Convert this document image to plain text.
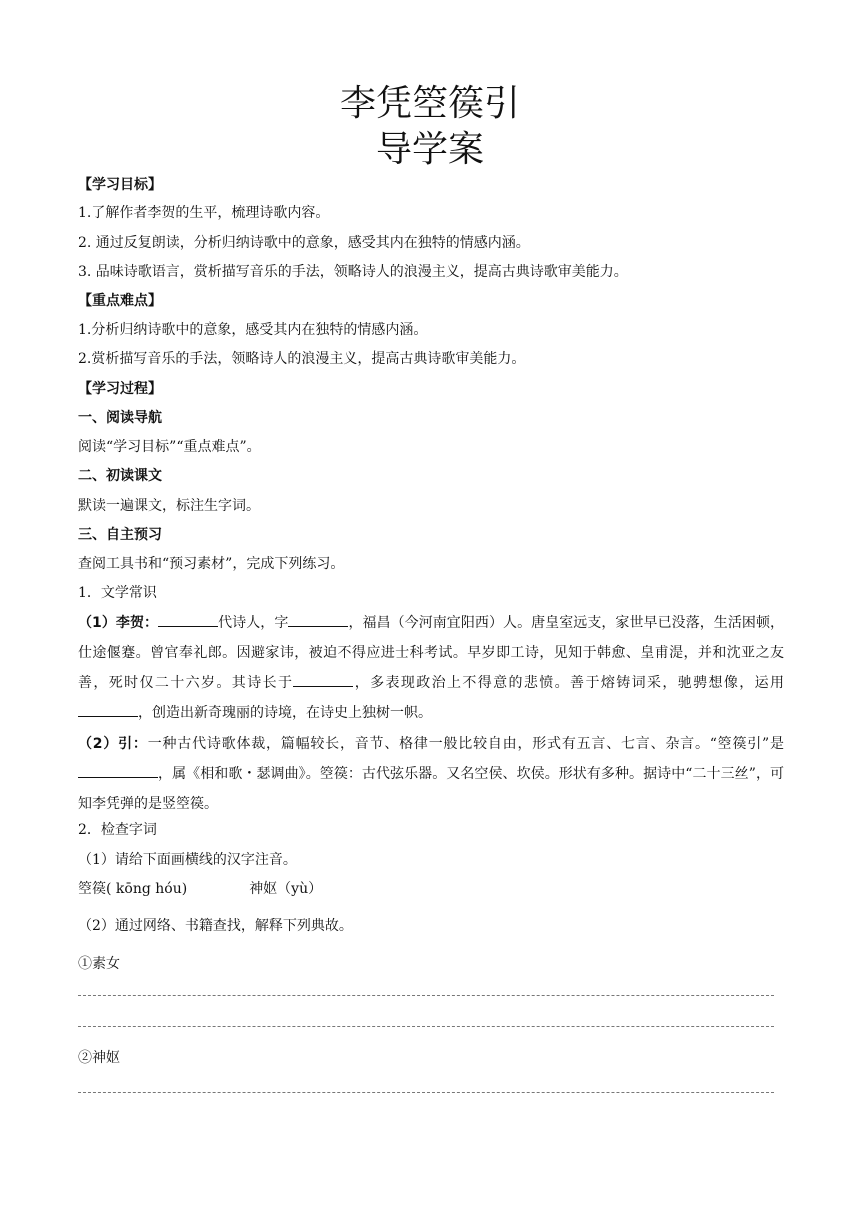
李凭箜篌引
导学案

【学习目标】

1.了解作者李贺的生平，梳理诗歌内容。

2. 通过反复朗读，分析归纳诗歌中的意象，感受其内在独特的情感内涵。

3. 品味诗歌语言，赏析描写音乐的手法，领略诗人的浪漫主义，提高古典诗歌审美能力。

【重点难点】

1.分析归纳诗歌中的意象，感受其内在独特的情感内涵。

2.赏析描写音乐的手法，领略诗人的浪漫主义，提高古典诗歌审美能力。

【学习过程】

一、阅读导航

阅读“学习目标”“重点难点”。

二、初读课文

默读一遍课文，标注生字词。

三、自主预习

查阅工具书和“预习素材”，完成下列练习。

1．文学常识

（1）李贺：	代诗人，字	，福昌（今河南宜阳西）人。唐皇室远支，家世早已没落，生活困顿，仕途偃蹇。曾官奉礼郎。因避家讳，被迫不得应进士科考试。早岁即工诗，见知于韩愈、皇甫湜，并和沈亚之友善，死时仅二十六岁。其诗长于	，多表现政治上不得意的悲愤。善于熔铸词采，驰骋想像，运用，创造出新奇瑰丽的诗境，在诗史上独树一帜。

（2）引：一种古代诗歌体裁，篇幅较长，音节、格律一般比较自由，形式有五言、七言、杂言。“箜篌引”是，属《相和歌・瑟调曲》。箜篌：古代弦乐器。又名空侯、坎侯。形状有多种。据诗中“二十三丝”，可知李凭弹的是竖箜篌。

2．检查字词

（1）请给下面画横线的汉字注音。

箜篌( kōng hóu)	神妪（yù）

（2）通过网络、书籍查找，解释下列典故。

①素女

②神妪
